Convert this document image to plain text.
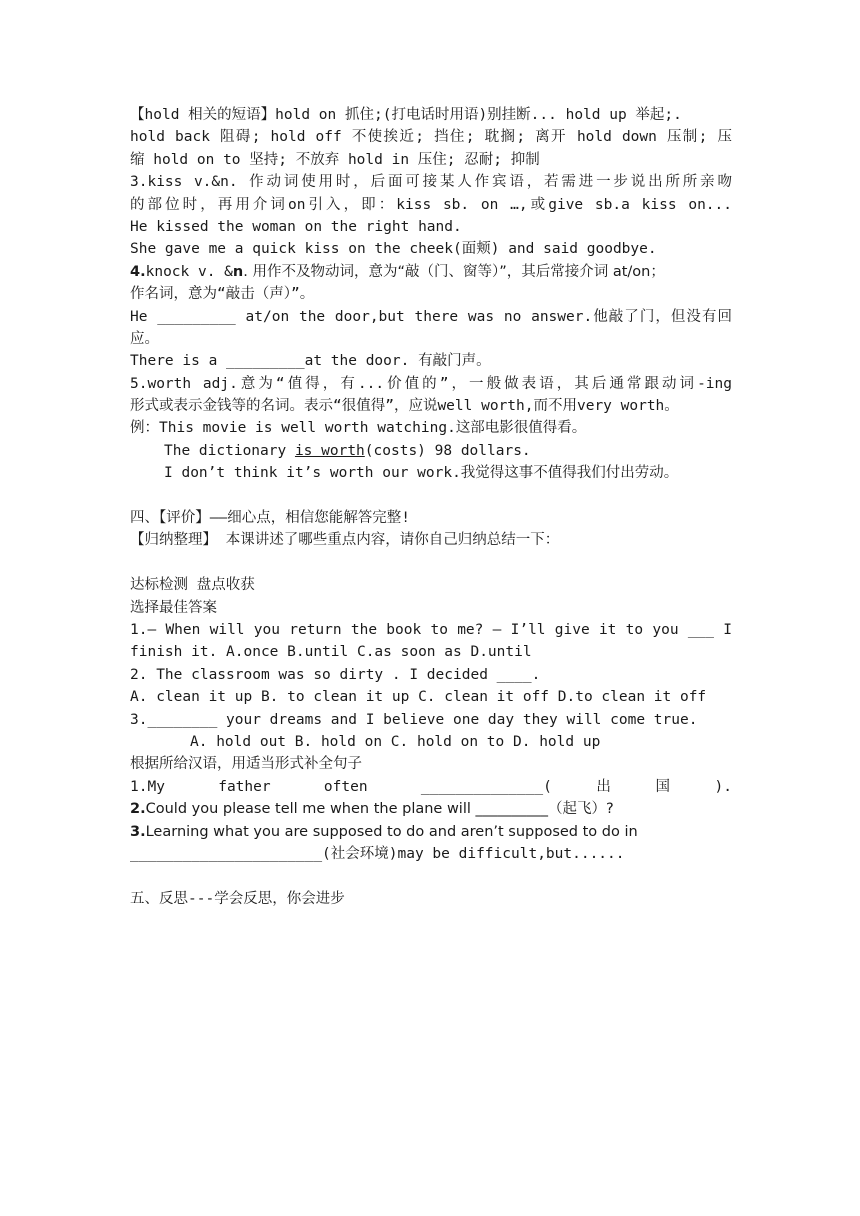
【hold 相关的短语】hold on 抓住;(打电话时用语)别挂断... hold up 举起;.
hold back 阻碍; hold off 不使挨近; 挡住; 耽搁; 离开 hold down 压制; 压
缩 hold on to 坚持; 不放弃 hold in 压住; 忍耐; 抑制
3.kiss v.&n. 作动词使用时，后面可接某人作宾语，若需进一步说出所所亲吻
的部位时，再用介词on引入，即：kiss sb. on …,或give sb.a kiss on...
He kissed the woman on the right hand.
She gave me a quick kiss on the cheek(面颊) and said goodbye.
4.knock v. &n. 用作不及物动词，意为“敲（门、窗等）”，其后常接介词 at/on；
作名词，意为“敲击（声）”。
He _________ at/on the door,but there was no answer.他敲了门，但没有回
应。
There is a _________at the door. 有敲门声。
5.worth adj.意为“值得，有...价值的”，一般做表语，其后通常跟动词-ing
形式或表示金钱等的名词。表示“很值得”，应说well worth,而不用very worth。
例：This movie is well worth watching.这部电影很值得看。
The dictionary is worth(costs) 98 dollars.
I don’t think it’s worth our work.我觉得这事不值得我们付出劳动。
四、【评价】——细心点，相信您能解答完整!
【归纳整理】 本课讲述了哪些重点内容，请你自己归纳总结一下：
达标检测 盘点收获
选择最佳答案
1.— When will you return the book to me? — I’ll give it to you ___ I
finish it. A.once B.until C.as soon as D.until
2. The classroom was so dirty . I decided ____.
A. clean it up B. to clean it up C. clean it off D.to clean it off
3.________ your dreams and I believe one day they will come true.
A. hold out B. hold on C. hold on to D. hold up
根据所给汉语，用适当形式补全句子
1.My father often ______________(出国).
2.Could you please tell me when the plane will __________（起飞）?
3.Learning what you are supposed to do and aren’t supposed to do in
______________________(社会环境)may be difficult,but......
五、反思---学会反思，你会进步
